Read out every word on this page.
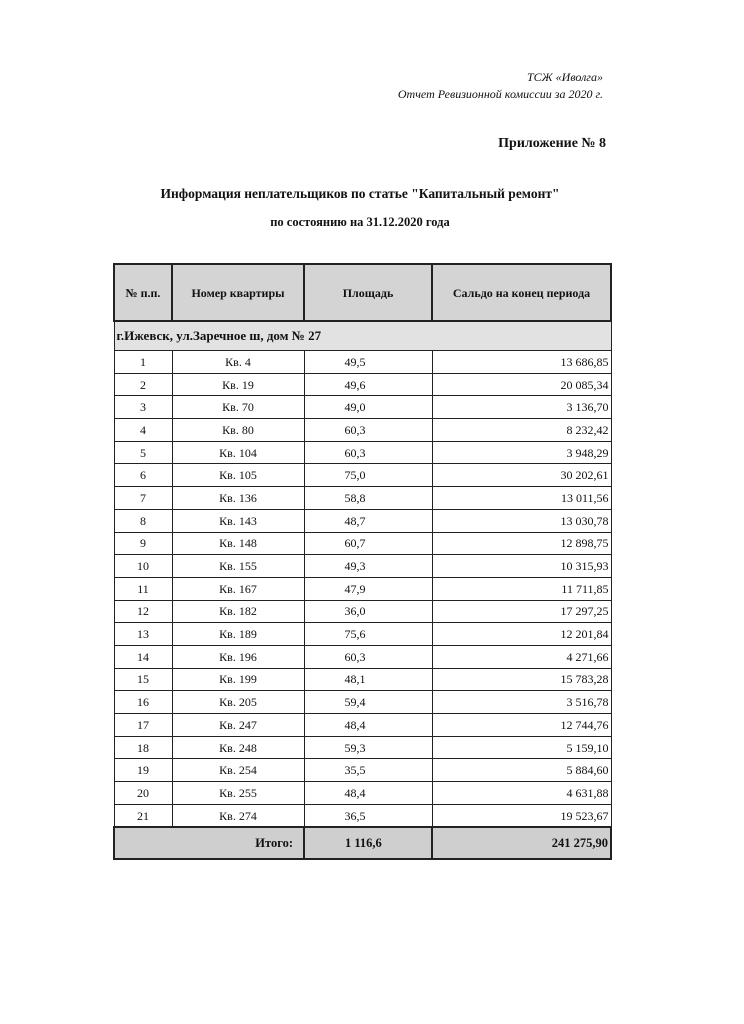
ТСЖ «Иволга»
Отчет Ревизионной комиссии за 2020 г.
Приложение № 8
Информация неплательщиков по статье "Капитальный ремонт"
по состоянию на 31.12.2020 года
№ п.п.	Номер квартиры	Площадь	Сальдо на конец периода
г.Ижевск, ул.Заречное ш, дом № 27			
1	Кв. 4	49,5	13 686,85
2	Кв. 19	49,6	20 085,34
3	Кв. 70	49,0	3 136,70
4	Кв. 80	60,3	8 232,42
5	Кв. 104	60,3	3 948,29
6	Кв. 105	75,0	30 202,61
7	Кв. 136	58,8	13 011,56
8	Кв. 143	48,7	13 030,78
9	Кв. 148	60,7	12 898,75
10	Кв. 155	49,3	10 315,93
11	Кв. 167	47,9	11 711,85
12	Кв. 182	36,0	17 297,25
13	Кв. 189	75,6	12 201,84
14	Кв. 196	60,3	4 271,66
15	Кв. 199	48,1	15 783,28
16	Кв. 205	59,4	3 516,78
17	Кв. 247	48,4	12 744,76
18	Кв. 248	59,3	5 159,10
19	Кв. 254	35,5	5 884,60
20	Кв. 255	48,4	4 631,88
21	Кв. 274	36,5	19 523,67
Итого:		1 116,6	241 275,90
